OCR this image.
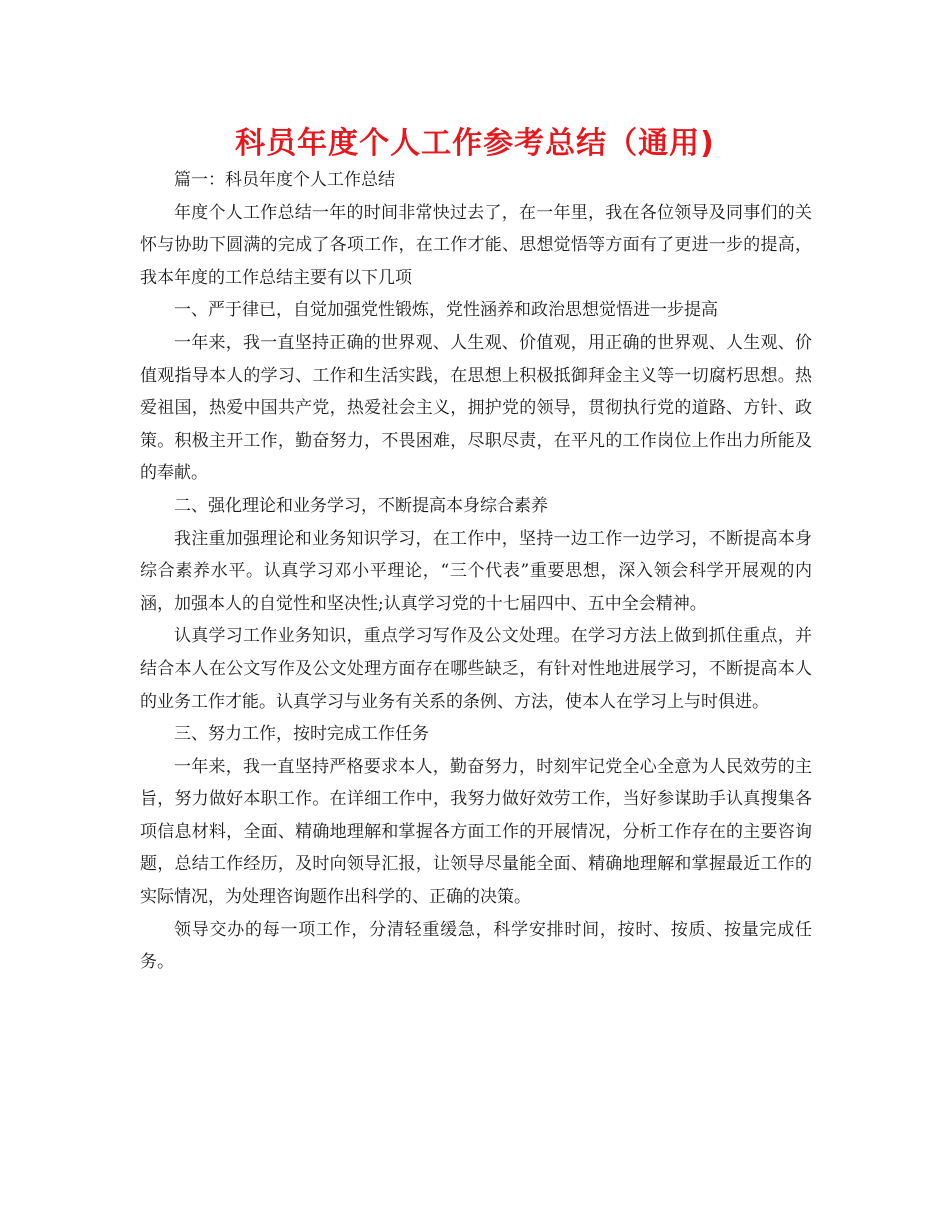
科员年度个人工作参考总结（通用)

篇一：科员年度个人工作总结

年度个人工作总结一年的时间非常快过去了，在一年里，我在各位领导及同事们的关怀与协助下圆满的完成了各项工作，在工作才能、思想觉悟等方面有了更进一步的提高，我本年度的工作总结主要有以下几项

一、严于律已，自觉加强党性锻炼，党性涵养和政治思想觉悟进一步提高

一年来，我一直坚持正确的世界观、人生观、价值观，用正确的世界观、人生观、价值观指导本人的学习、工作和生活实践，在思想上积极抵御拜金主义等一切腐朽思想。热爱祖国，热爱中国共产党，热爱社会主义，拥护党的领导，贯彻执行党的道路、方针、政策。积极主开工作，勤奋努力，不畏困难，尽职尽责，在平凡的工作岗位上作出力所能及的奉献。

二、强化理论和业务学习，不断提高本身综合素养

我注重加强理论和业务知识学习，在工作中，坚持一边工作一边学习，不断提高本身综合素养水平。认真学习邓小平理论，“三个代表”重要思想，深入领会科学开展观的内涵，加强本人的自觉性和坚决性;认真学习党的十七届四中、五中全会精神。

认真学习工作业务知识，重点学习写作及公文处理。在学习方法上做到抓住重点，并结合本人在公文写作及公文处理方面存在哪些缺乏，有针对性地进展学习，不断提高本人的业务工作才能。认真学习与业务有关系的条例、方法，使本人在学习上与时俱进。

三、努力工作，按时完成工作任务

一年来，我一直坚持严格要求本人，勤奋努力，时刻牢记党全心全意为人民效劳的主旨，努力做好本职工作。在详细工作中，我努力做好效劳工作，当好参谋助手认真搜集各项信息材料，全面、精确地理解和掌握各方面工作的开展情况，分析工作存在的主要咨询题，总结工作经历，及时向领导汇报，让领导尽量能全面、精确地理解和掌握最近工作的实际情况，为处理咨询题作出科学的、正确的决策。

领导交办的每一项工作，分清轻重缓急，科学安排时间，按时、按质、按量完成任务。
